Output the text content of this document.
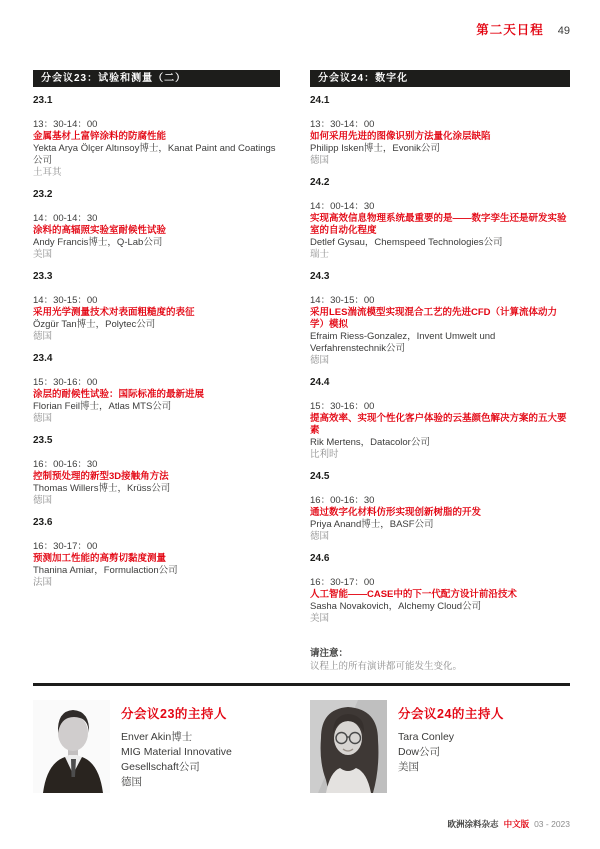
第二天日程 49
分会议23：试验和测量（二）
23.1
13：30-14：00
金属基材上富锌涂料的防腐性能
Yekta Arya Ölçer Altınsoy博士，Kanat Paint and Coatings公司
土耳其
23.2
14：00-14：30
涂料的高辐照实验室耐候性试验
Andy Francis博士，Q-Lab公司
美国
23.3
14：30-15：00
采用光学测量技术对表面粗糙度的表征
Özgür Tan博士，Polytec公司
德国
23.4
15：30-16：00
涂层的耐候性试验：国际标准的最新进展
Florian Feil博士，Atlas MTS公司
德国
23.5
16：00-16：30
控制预处理的新型3D接触角方法
Thomas Willers博士，Krüss公司
德国
23.6
16：30-17：00
预测加工性能的高剪切黏度测量
Thanina Amiar，Formulaction公司
法国
分会议24：数字化
24.1
13：30-14：00
如何采用先进的图像识别方法量化涂层缺陷
Philipp Isken博士，Evonik公司
德国
24.2
14：00-14：30
实现高效信息物理系统最重要的是——数字孪生还是研发实验室的自动化程度
Detlef Gysau，Chemspeed Technologies公司
瑞士
24.3
14：30-15：00
采用LES湍流模型实现混合工艺的先进CFD（计算流体动力学）模拟
Efraim Riess-Gonzalez，Invent Umwelt und Verfahrenstechnik公司
德国
24.4
15：30-16：00
提高效率、实现个性化客户体验的云基颜色解决方案的五大要素
Rik Mertens，Datacolor公司
比利时
24.5
16：00-16：30
通过数字化材料仿形实现创新树脂的开发
Priya Anand博士，BASF公司
德国
24.6
16：30-17：00
人工智能——CASE中的下一代配方设计前沿技术
Sasha Novakovich，Alchemy Cloud公司
美国
请注意：
议程上的所有演讲都可能发生变化。
分会议23的主持人
Enver Akin博士
MIG Material Innovative Gesellschaft公司
德国
分会议24的主持人
Tara Conley
Dow公司
美国
欧洲涂料杂志 中文版 03 - 2023
